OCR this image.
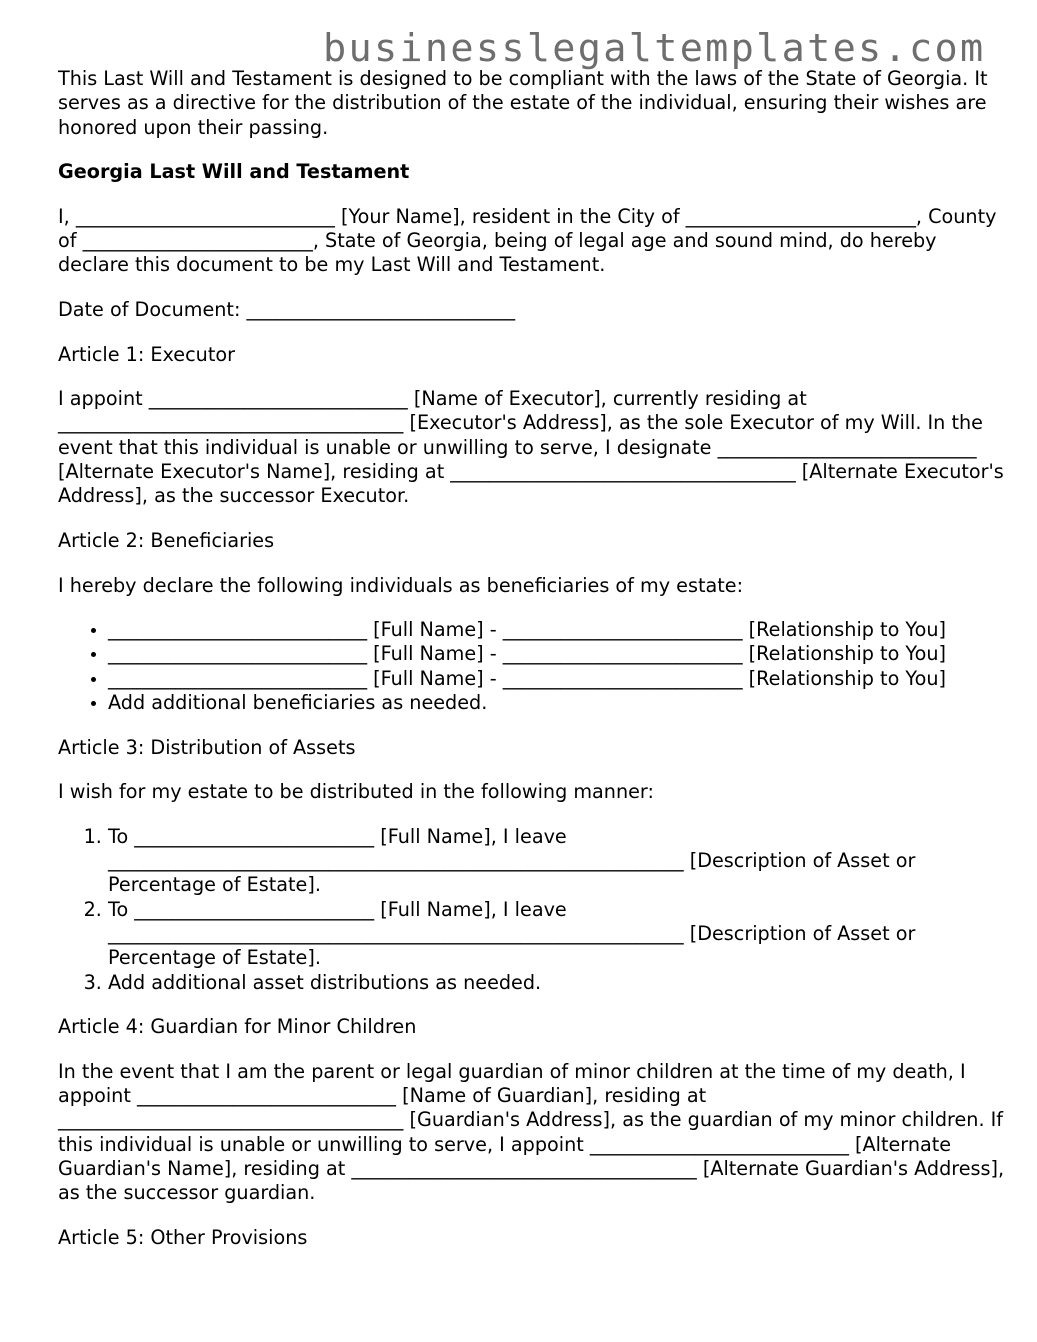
businesslegaltemplates.com

This Last Will and Testament is designed to be compliant with the laws of the State of Georgia. It serves as a directive for the distribution of the estate of the individual, ensuring their wishes are honored upon their passing.

Georgia Last Will and Testament

I, ___________________________ [Your Name], resident in the City of ________________________, County of ________________________, State of Georgia, being of legal age and sound mind, do hereby declare this document to be my Last Will and Testament.

Date of Document: ____________________________

Article 1: Executor

I appoint ___________________________ [Name of Executor], currently residing at ____________________________________ [Executor's Address], as the sole Executor of my Will. In the event that this individual is unable or unwilling to serve, I designate ___________________________ [Alternate Executor's Name], residing at ____________________________________ [Alternate Executor's Address], as the successor Executor.

Article 2: Beneficiaries

I hereby declare the following individuals as beneficiaries of my estate:

• ___________________________ [Full Name] - _________________________ [Relationship to You]
• ___________________________ [Full Name] - _________________________ [Relationship to You]
• ___________________________ [Full Name] - _________________________ [Relationship to You]
• Add additional beneficiaries as needed.

Article 3: Distribution of Assets

I wish for my estate to be distributed in the following manner:

1. To _________________________ [Full Name], I leave ____________________________________________________________ [Description of Asset or Percentage of Estate].
2. To _________________________ [Full Name], I leave ____________________________________________________________ [Description of Asset or Percentage of Estate].
3. Add additional asset distributions as needed.

Article 4: Guardian for Minor Children

In the event that I am the parent or legal guardian of minor children at the time of my death, I appoint ___________________________ [Name of Guardian], residing at ____________________________________ [Guardian's Address], as the guardian of my minor children. If this individual is unable or unwilling to serve, I appoint ___________________________ [Alternate Guardian's Name], residing at ____________________________________ [Alternate Guardian's Address], as the successor guardian.

Article 5: Other Provisions
